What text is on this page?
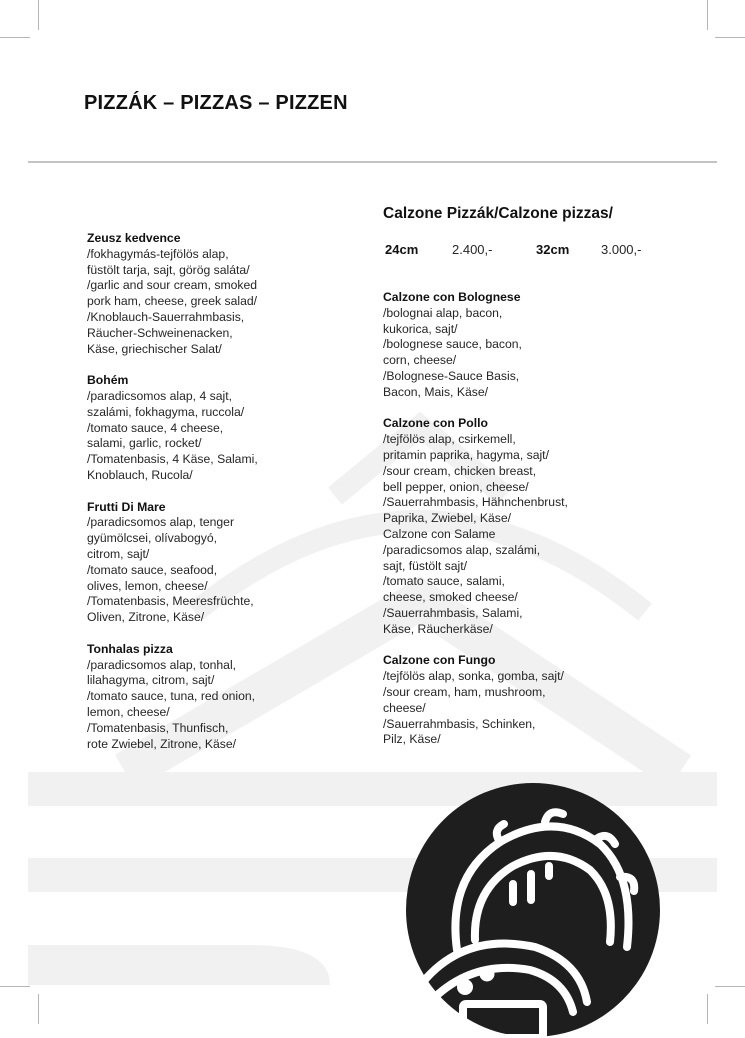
PIZZÁK – PIZZAS – PIZZEN
Zeusz kedvence
/fokhagymás-tejfölös alap,
füstölt tarja, sajt, görög saláta/
/garlic and sour cream, smoked
pork ham, cheese, greek salad/
/Knoblauch-Sauerrahmbasis,
Räucher-Schweinenacken,
Käse, griechischer Salat/
Bohém
/paradicsomos alap, 4 sajt,
szalámi, fokhagyma, ruccola/
/tomato sauce, 4 cheese,
salami, garlic, rocket/
/Tomatenbasis, 4 Käse, Salami,
Knoblauch, Rucola/
Frutti Di Mare
/paradicsomos alap, tenger
gyümölcsei, olívabogyó,
citrom, sajt/
/tomato sauce, seafood,
olives, lemon, cheese/
/Tomatenbasis, Meeresfrüchte,
Oliven, Zitrone, Käse/
Tonhalas pizza
/paradicsomos alap, tonhal,
lilahagyma, citrom, sajt/
/tomato sauce, tuna, red onion,
lemon, cheese/
/Tomatenbasis, Thunfisch,
rote Zwiebel, Zitrone, Käse/
Calzone Pizzák/Calzone pizzas/
24cm	2.400,-	32cm 3.000,-
Calzone con Bolognese
/bolognai alap, bacon,
kukorica, sajt/
/bolognese sauce, bacon,
corn, cheese/
/Bolognese-Sauce Basis,
Bacon, Mais, Käse/
Calzone con Pollo
/tejfölös alap, csirkemell,
pritamin paprika, hagyma, sajt/
/sour cream, chicken breast,
bell pepper, onion, cheese/
/Sauerrahmbasis, Hähnchenbrust,
Paprika, Zwiebel, Käse/
Calzone con Salame
/paradicsomos alap, szalámi,
sajt, füstölt sajt/
/tomato sauce, salami,
cheese, smoked cheese/
/Sauerrahmbasis, Salami,
Käse, Räucherkäse/
Calzone con Fungo
/tejfölös alap, sonka, gomba, sajt/
/sour cream, ham, mushroom,
cheese/
/Sauerrahmbasis, Schinken,
Pilz, Käse/
